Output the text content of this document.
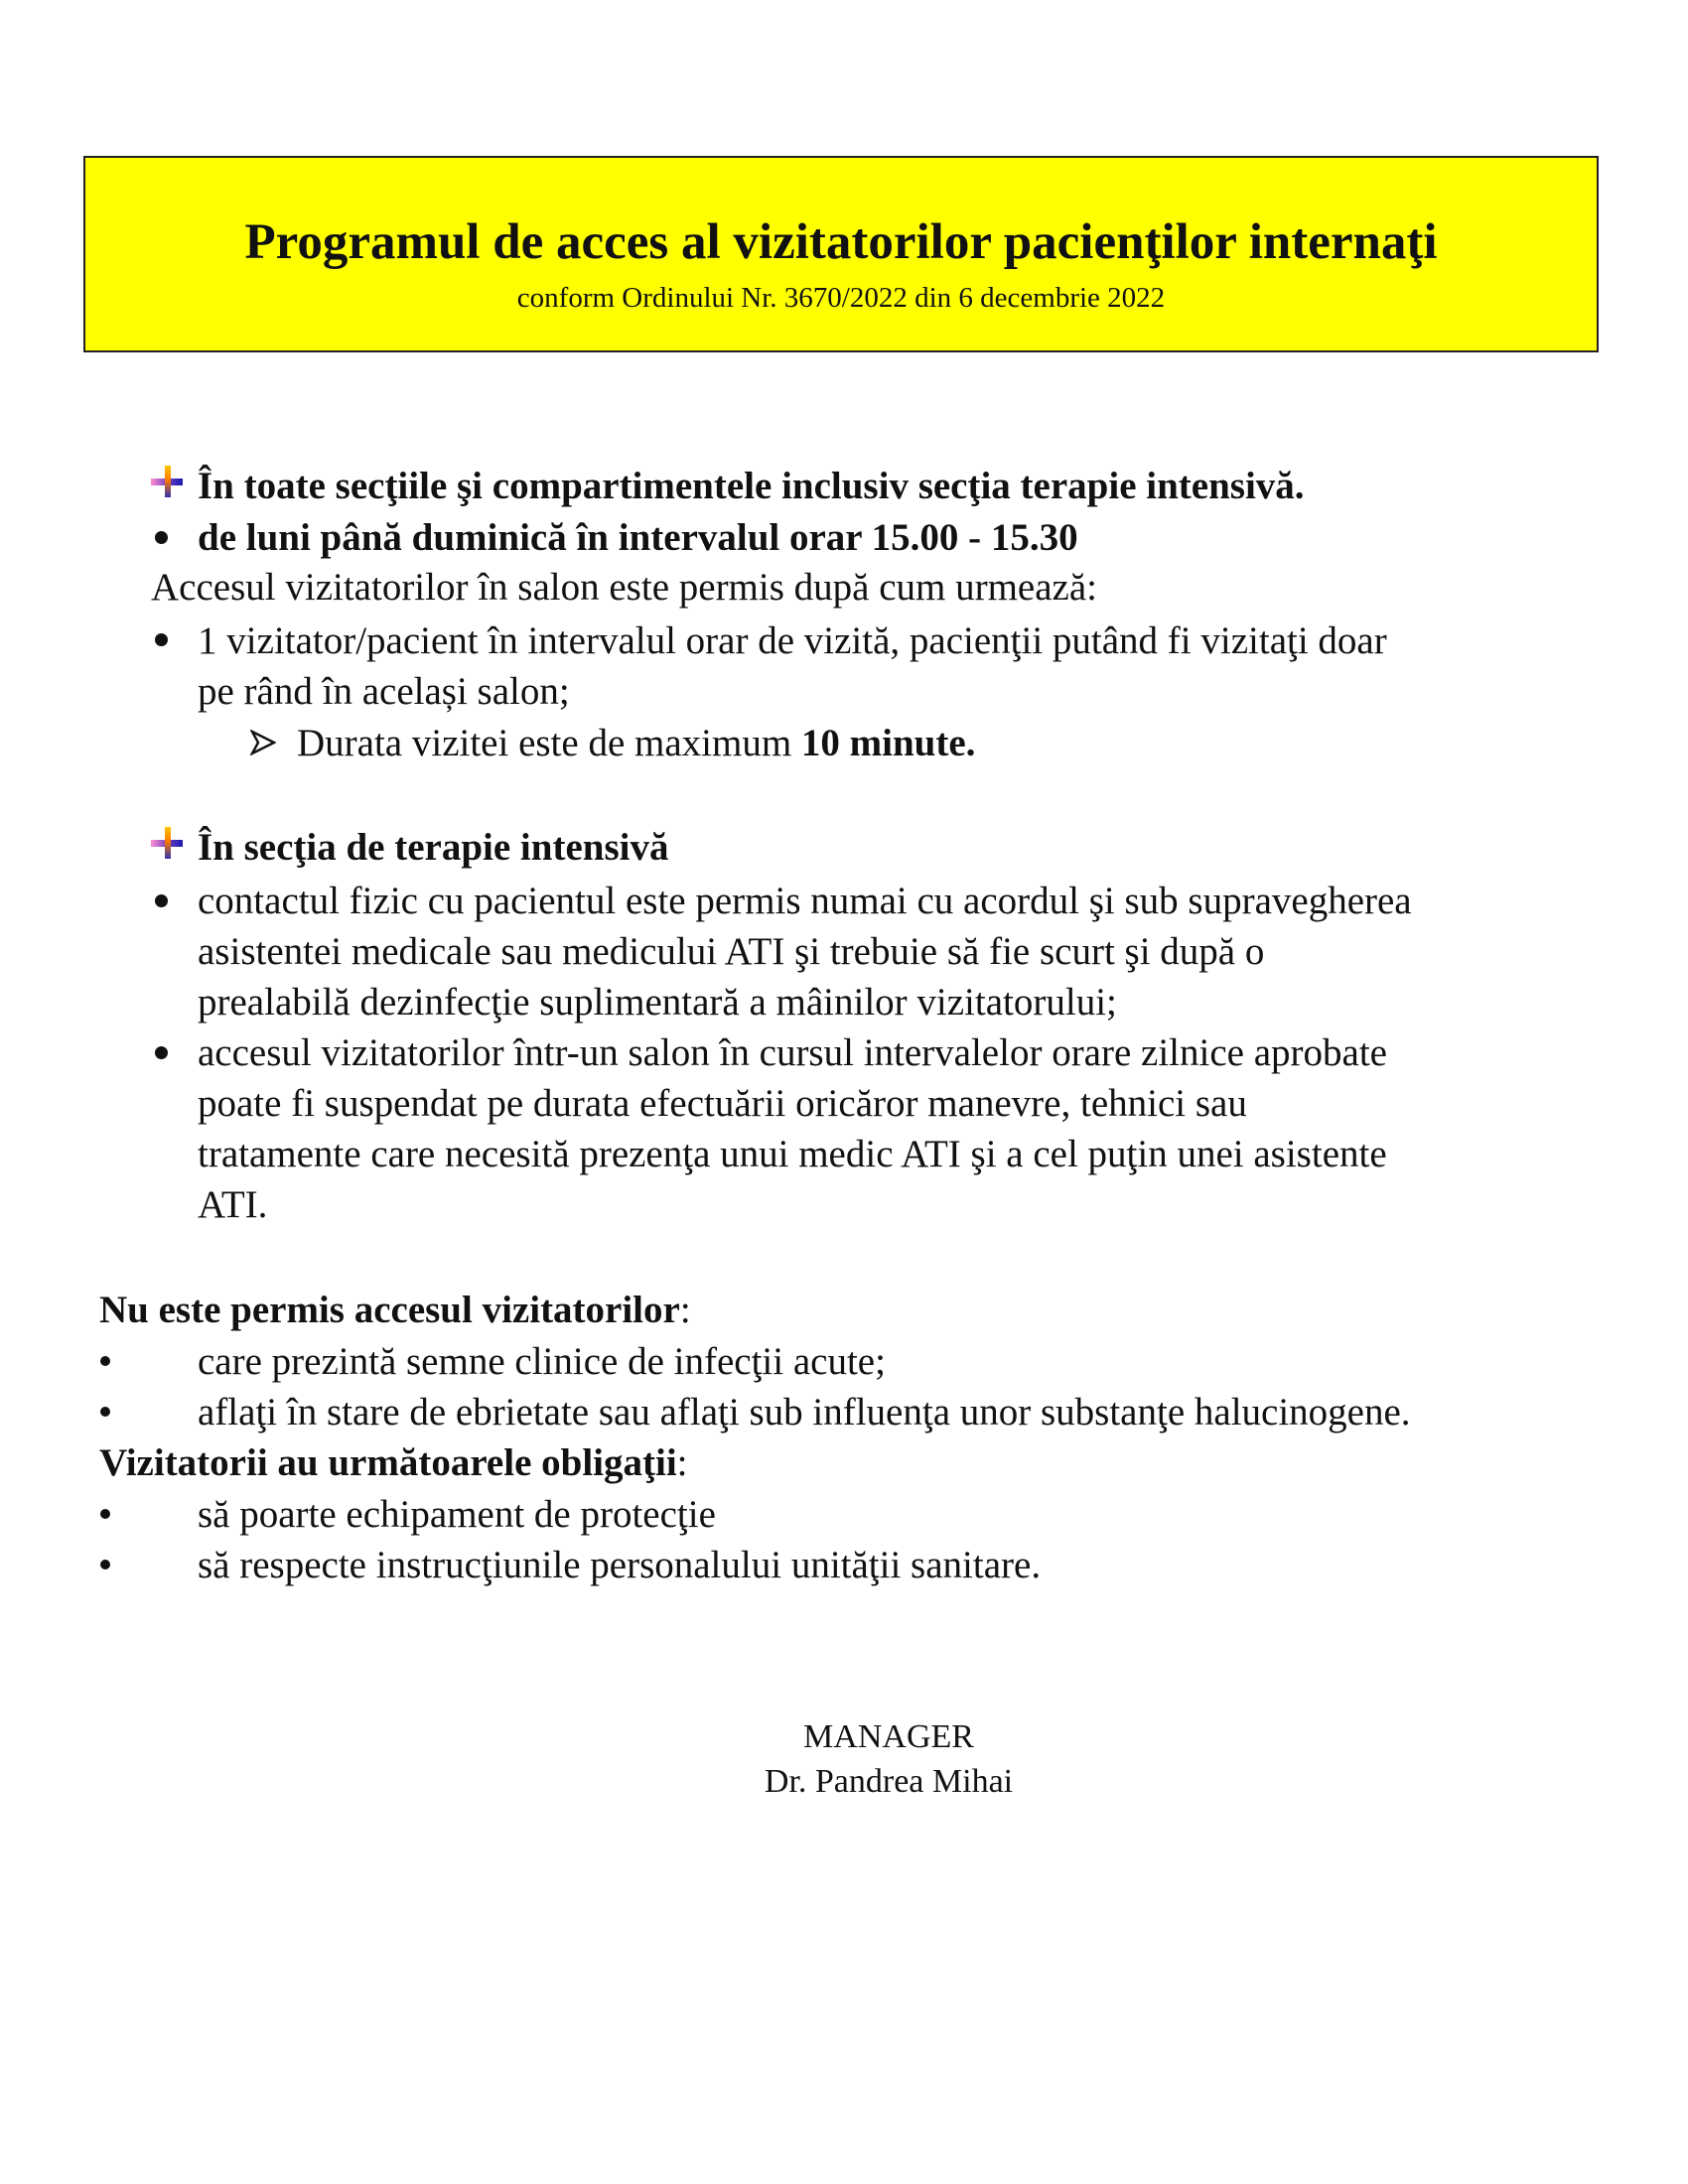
Programul de acces al vizitatorilor pacienţilor internaţi
conform Ordinului Nr. 3670/2022 din 6 decembrie 2022
În toate secţiile şi compartimentele inclusiv secţia terapie intensivă.
de luni până duminică în intervalul orar 15.00 - 15.30
Accesul vizitatorilor în salon este permis după cum urmează:
1 vizitator/pacient în intervalul orar de vizită, pacienţii putând fi vizitaţi doar
pe rând în același salon;
Durata vizitei este de maximum 10 minute.
În secţia de terapie intensivă
contactul fizic cu pacientul este permis numai cu acordul şi sub supravegherea
asistentei medicale sau medicului ATI şi trebuie să fie scurt şi după o
prealabilă dezinfecţie suplimentară a mâinilor vizitatorului;
accesul vizitatorilor într-un salon în cursul intervalelor orare zilnice aprobate
poate fi suspendat pe durata efectuării oricăror manevre, tehnici sau
tratamente care necesită prezenţa unui medic ATI şi a cel puţin unei asistente
ATI.
Nu este permis accesul vizitatorilor:
care prezintă semne clinice de infecţii acute;
aflaţi în stare de ebrietate sau aflaţi sub influenţa unor substanţe halucinogene.
Vizitatorii au următoarele obligaţii:
să poarte echipament de protecţie
să respecte instrucţiunile personalului unităţii sanitare.
MANAGER
Dr. Pandrea Mihai
